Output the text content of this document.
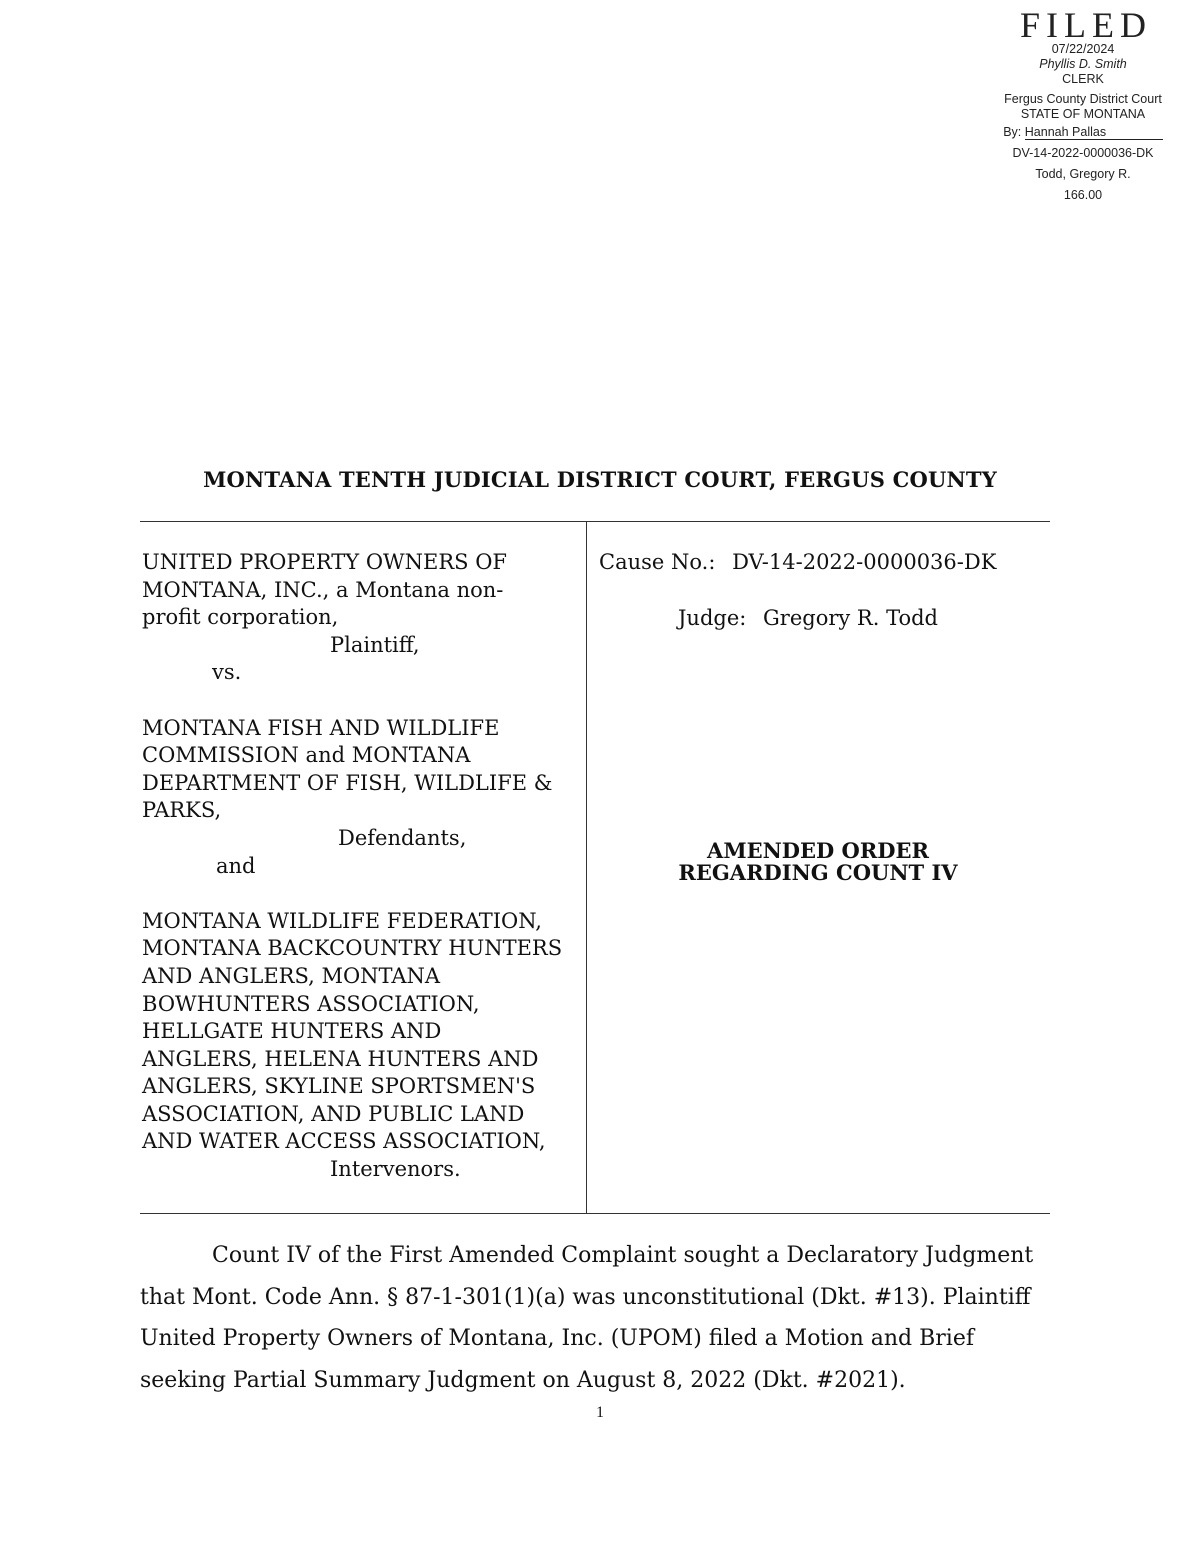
FILED
07/22/2024
Phyllis D. Smith
CLERK
Fergus County District Court
STATE OF MONTANA
By: Hannah Pallas
DV-14-2022-0000036-DK
Todd, Gregory R.
166.00
MONTANA TENTH JUDICIAL DISTRICT COURT, FERGUS COUNTY

UNITED PROPERTY OWNERS OF
MONTANA, INC., a Montana non-
profit corporation,

Plaintiff,

vs.

MONTANA FISH AND WILDLIFE
COMMISSION and MONTANA
DEPARTMENT OF FISH, WILDLIFE &
PARKS,

Defendants,

and

MONTANA WILDLIFE FEDERATION,
MONTANA BACKCOUNTRY HUNTERS
AND ANGLERS, MONTANA
BOWHUNTERS ASSOCIATION,
HELLGATE HUNTERS AND
ANGLERS, HELENA HUNTERS AND
ANGLERS, SKYLINE SPORTSMEN'S
ASSOCIATION, AND PUBLIC LAND
AND WATER ACCESS ASSOCIATION,

Intervenors.

Cause No.: DV-14-2022-0000036-DK
Judge: Gregory R. Todd
AMENDED ORDER
REGARDING COUNT IV

Count IV of the First Amended Complaint sought a Declaratory Judgment that Mont. Code Ann. § 87-1-301(1)(a) was unconstitutional (Dkt. #13). Plaintiff United Property Owners of Montana, Inc. (UPOM) filed a Motion and Brief seeking Partial Summary Judgment on August 8, 2022 (Dkt. #2021).

1
